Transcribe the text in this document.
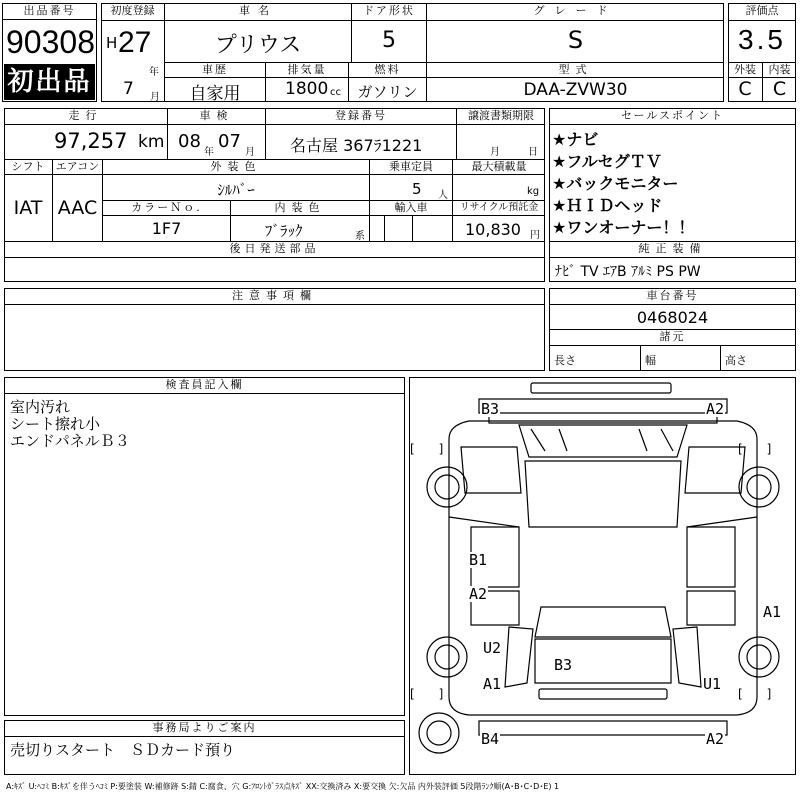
出品番号
90308
初出品
初度登録
H 27
年
7 月
車名
プリウス
ドア形状
5
グレード
S
車歴
自家用
排気量
1800 cc
燃料
ガソリン
型式
DAA-ZVW30
評価点
3.5
外装	内装
C	C
走行
97,257 km
車検
08
年
07
月
登録番号
名古屋 367ﾗ1221
譲渡書類期限
月	日
シフト
IAT
エアコン
AAC
外装色
ｼﾙﾊﾞｰ
乗車定員
5 人
最大積載量
kg
カラーＮｏ.
1F7
内装色
ﾌﾞﾗｯｸ	系
輸入車	リサイクル預託金
10,830 円
後日発送部品
セールスポイント
★ナビ
★フルセグＴＶ
★バックモニター
★ＨＩＤヘッド
★ワンオーナー！！
純正装備
ﾅﾋﾞ TV ｴｱB ｱﾙﾐ PS PW
注意事項欄	車台番号
0468024
諸元
長さ	幅	高さ
検査員記入欄
室内汚れ
シート擦れ小
エンドパネルＢ３
事務局よりご案内
売切りスタート　ＳＤカード預り
B3	A2
B1
A2
A1
U2
B3
A1	U1
B4	A2
[　　]	[　　]
[　　]	[　　]
A:ｷｽﾞ U:ﾍｺﾐ B:ｷｽﾞを伴うﾍｺﾐ P:要塗装 W:補修跡 S:錆 C:腐食、穴 G:ﾌﾛﾝﾄｶﾞﾗｽ点ｷｽﾞ XX:交換済み X:要交換 欠:欠品 内外装評価 5段階ﾗﾝｸ順(A･B･C･D･E) 1
